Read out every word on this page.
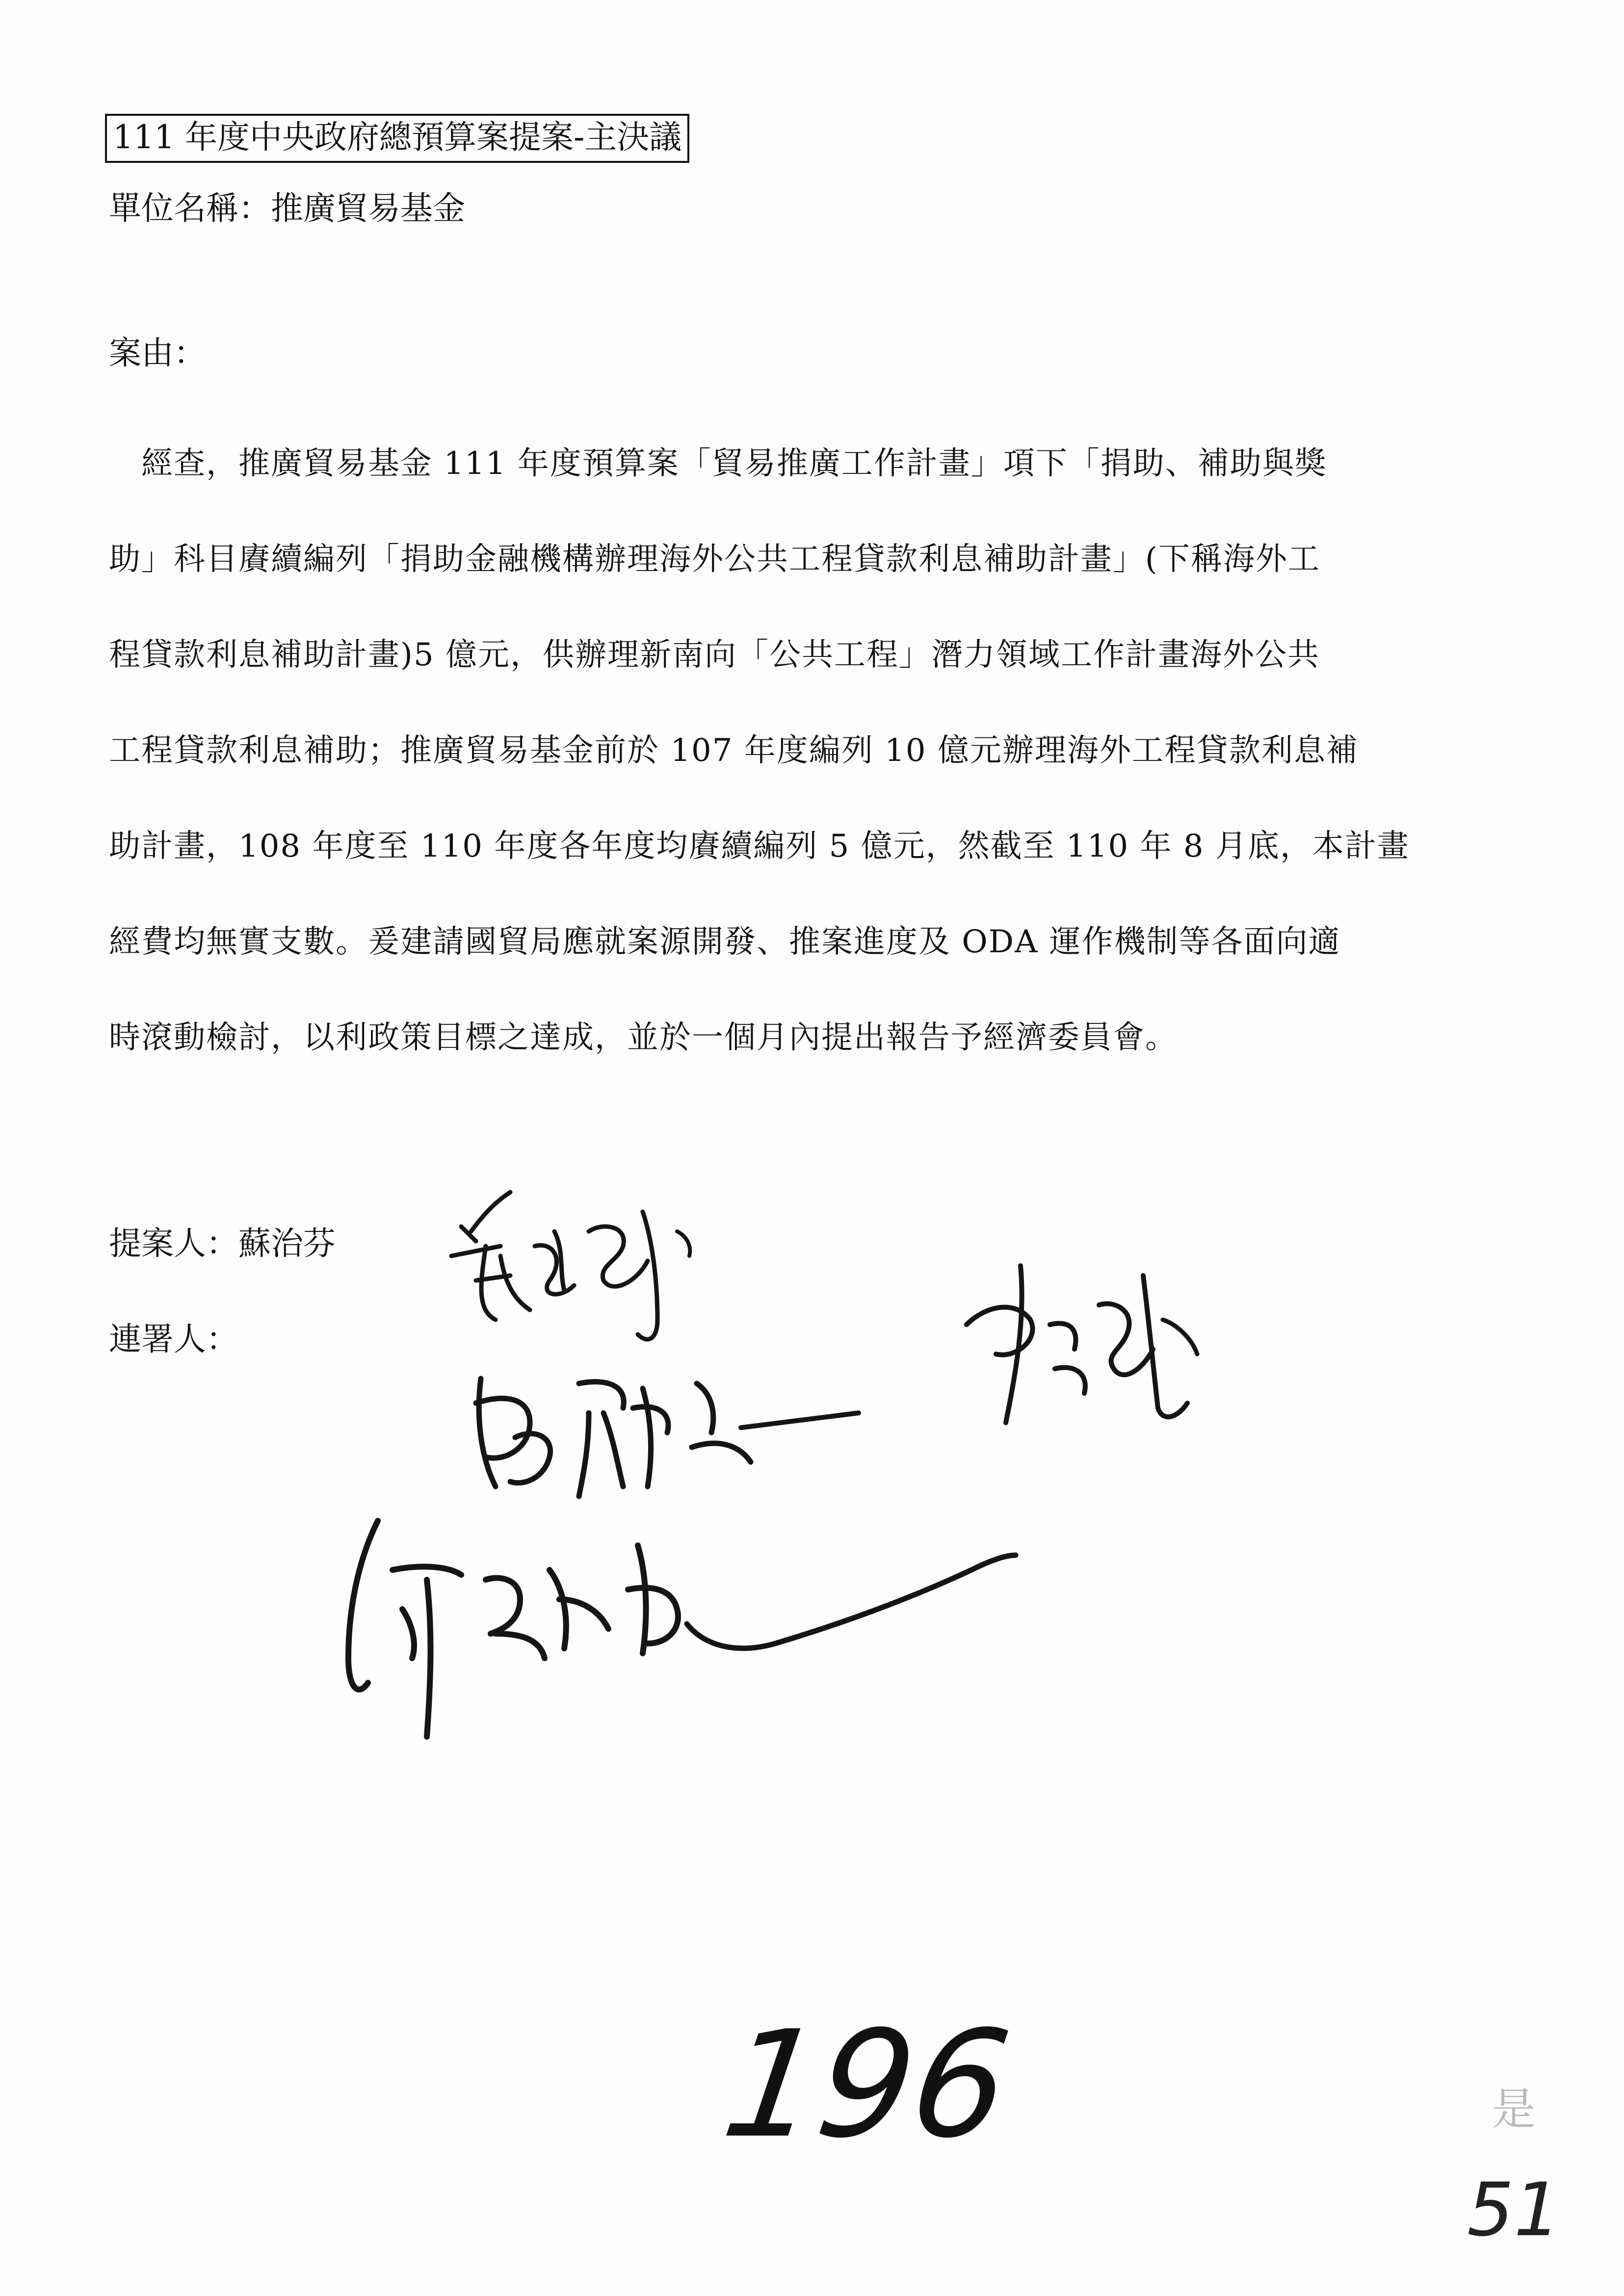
111 年度中央政府總預算案提案-主決議
單位名稱：推廣貿易基金
案由：
　經查，推廣貿易基金 111 年度預算案「貿易推廣工作計畫」項下「捐助、補助與獎
助」科目賡續編列「捐助金融機構辦理海外公共工程貸款利息補助計畫」(下稱海外工
程貸款利息補助計畫)5 億元，供辦理新南向「公共工程」潛力領域工作計畫海外公共
工程貸款利息補助；推廣貿易基金前於 107 年度編列 10 億元辦理海外工程貸款利息補
助計畫，108 年度至 110 年度各年度均賡續編列 5 億元，然截至 110 年 8 月底，本計畫
經費均無實支數。爰建請國貿局應就案源開發、推案進度及 ODA 運作機制等各面向適
時滾動檢討，以利政策目標之達成，並於一個月內提出報告予經濟委員會。
提案人：蘇治芬
連署人：
是
196
51
